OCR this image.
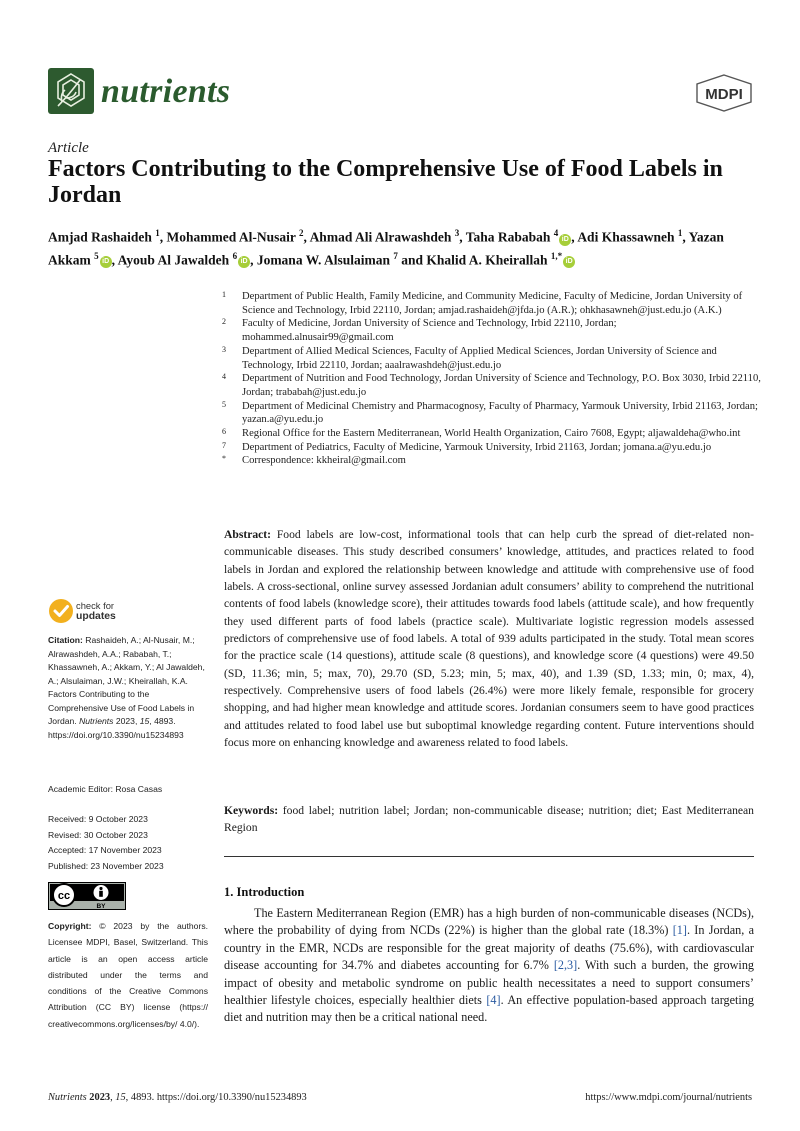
nutrients	MDPI
Article
Factors Contributing to the Comprehensive Use of Food Labels in Jordan
Amjad Rashaideh $^1$, Mohammed Al-Nusair $^2$, Ahmad Ali Alrawashdeh $^3$, Taha Rababah $^4$iD , Adi Khassawneh $^1$, Yazan Akkam $^5$iD , Ayoub Al Jawaldeh $^6$iD , Jomana W. Alsulaiman $^7$ and Khalid A. Kheirallah $^{1,*}$iD
1 Department of Public Health, Family Medicine, and Community Medicine, Faculty of Medicine, Jordan University of Science and Technology, Irbid 22110, Jordan; amjad.rashaideh@jfda.jo (A.R.); ohkhasawneh@just.edu.jo (A.K.)
2 Faculty of Medicine, Jordan University of Science and Technology, Irbid 22110, Jordan; mohammed.alnusair99@gmail.com
3 Department of Allied Medical Sciences, Faculty of Applied Medical Sciences, Jordan University of Science and Technology, Irbid 22110, Jordan; aaalrawashdeh@just.edu.jo
4 Department of Nutrition and Food Technology, Jordan University of Science and Technology, P.O. Box 3030, Irbid 22110, Jordan; trababah@just.edu.jo
5 Department of Medicinal Chemistry and Pharmacognosy, Faculty of Pharmacy, Yarmouk University, Irbid 21163, Jordan; yazan.a@yu.edu.jo
6 Regional Office for the Eastern Mediterranean, World Health Organization, Cairo 7608, Egypt; aljawaldeha@who.int
7 Department of Pediatrics, Faculty of Medicine, Yarmouk University, Irbid 21163, Jordan; jomana.a@yu.edu.jo
* Correspondence: kkheiral@gmail.com
Abstract: Food labels are low-cost, informational tools that can help curb the spread of diet-related non-communicable diseases. This study described consumers’ knowledge, attitudes, and practices related to food labels in Jordan and explored the relationship between knowledge and attitude with comprehensive use of food labels. A cross-sectional, online survey assessed Jordanian adult consumers’ ability to comprehend the nutritional contents of food labels (knowledge score), their attitudes towards food labels (attitude scale), and how frequently they used different parts of food labels (practice scale). Multivariate logistic regression models assessed predictors of comprehensive use of food labels. A total of 939 adults participated in the study. Total mean scores for the practice scale (14 questions), attitude scale (8 questions), and knowledge score (4 questions) were 49.50 (SD, 11.36; min, 5; max, 70), 29.70 (SD, 5.23; min, 5; max, 40), and 1.39 (SD, 1.33; min, 0; max, 4), respectively. Comprehensive users of food labels (26.4%) were more likely female, responsible for grocery shopping, and had higher mean knowledge and attitude scores. Jordanian consumers seem to have good practices and attitudes related to food label use but suboptimal knowledge regarding content. Future interventions should focus more on enhancing knowledge and awareness related to food labels.
Keywords: food label; nutrition label; Jordan; non-communicable disease; nutrition; diet; East Mediterranean Region
1. Introduction

The Eastern Mediterranean Region (EMR) has a high burden of non-communicable diseases (NCDs), where the probability of dying from NCDs (22%) is higher than the global rate (18.3%) [1]. In Jordan, a country in the EMR, NCDs are responsible for the great majority of deaths (75.6%), with cardiovascular disease accounting for 34.7% and diabetes accounting for 6.7% [2,3]. With such a burden, the growing impact of obesity and metabolic syndrome on public health necessitates a need to support consumers’ healthier lifestyle choices, especially healthier diets [4]. An effective population-based approach targeting diet and nutrition may then be a critical national need.

check for
updates
Citation: Rashaideh, A.; Al-Nusair, M.; Alrawashdeh, A.A.; Rababah, T.; Khassawneh, A.; Akkam, Y.; Al Jawaldeh, A.; Alsulaiman, J.W.; Kheirallah, K.A. Factors Contributing to the Comprehensive Use of Food Labels in Jordan. Nutrients 2023, 15, 4893. https://doi.org/10.3390/nu15234893
Academic Editor: Rosa Casas
Received: 9 October 2023
Revised: 30 October 2023
Accepted: 17 November 2023
Published: 23 November 2023
cc
BY
Copyright: © 2023 by the authors. Licensee MDPI, Basel, Switzerland. This article is an open access article distributed under the terms and conditions of the Creative Commons Attribution (CC BY) license (https:// creativecommons.org/licenses/by/ 4.0/).
Nutrients 2023, 15, 4893. https://doi.org/10.3390/nu15234893	https://www.mdpi.com/journal/nutrients
